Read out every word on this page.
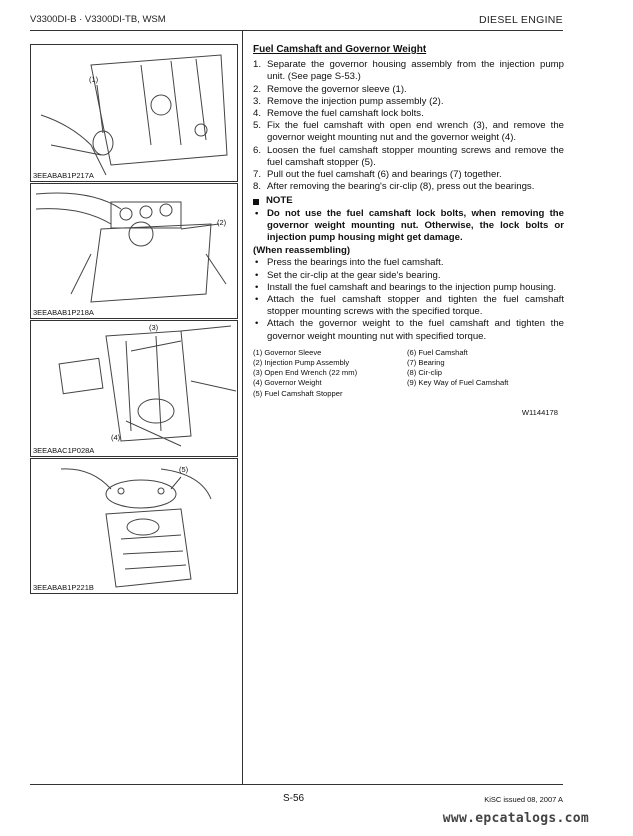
V3300DI-B · V3300DI-TB, WSM	DIESEL ENGINE
(1)
3EEABAB1P217A
(2)
3EEABAB1P218A
(3)
(4)
3EEABAC1P028A
(5)
3EEABAB1P221B
Fuel Camshaft and Governor Weight
1. Separate the governor housing assembly from the injection pump unit. (See page S-53.)
2. Remove the governor sleeve (1).
3. Remove the injection pump assembly (2).
4. Remove the fuel camshaft lock bolts.
5. Fix the fuel camshaft with open end wrench (3), and remove the governor weight mounting nut and the governor weight (4).
6. Loosen the fuel camshaft stopper mounting screws and remove the fuel camshaft stopper (5).
7. Pull out the fuel camshaft (6) and bearings (7) together.
8. After removing the bearing's cir-clip (8), press out the bearings.
NOTE
• Do not use the fuel camshaft lock bolts, when removing the governor weight mounting nut. Otherwise, the lock bolts or injection pump housing might get damage.
(When reassembling)
• Press the bearings into the fuel camshaft.
• Set the cir-clip at the gear side's bearing.
• Install the fuel camshaft and bearings to the injection pump housing.
• Attach the fuel camshaft stopper and tighten the fuel camshaft stopper mounting screws with the specified torque.
• Attach the governor weight to the fuel camshaft and tighten the governor weight mounting nut with specified torque.
(1) Governor Sleeve	(6) Fuel Camshaft
(2) Injection Pump Assembly	(7) Bearing
(3) Open End Wrench (22 mm)	(8) Cir-clip
(4) Governor Weight	(9) Key Way of Fuel Camshaft
(5) Fuel Camshaft Stopper
W1144178
S-56	KiSC issued 08, 2007 A
www.epcatalogs.com
